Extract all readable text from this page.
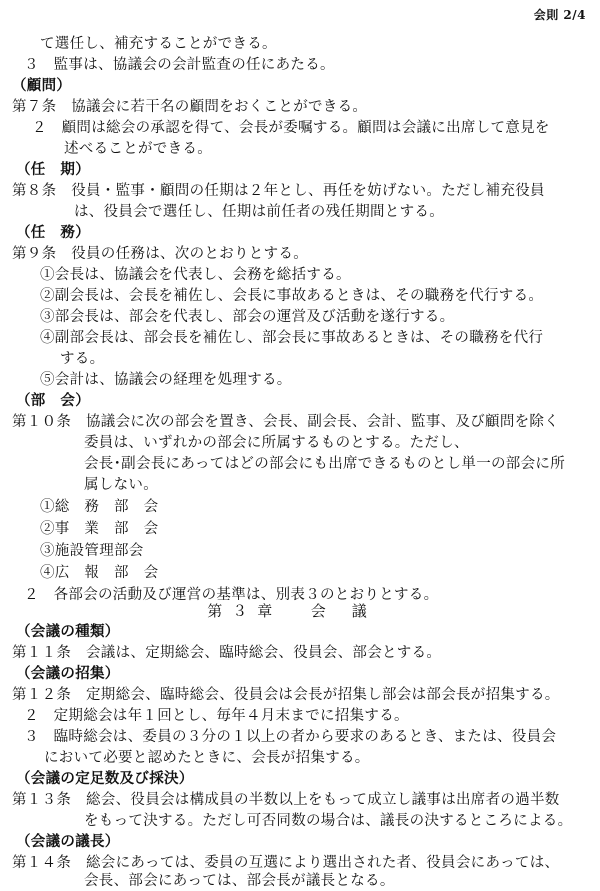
会則 2/4
て選任し、補充することができる。
３　監事は、協議会の会計監査の任にあたる。
（顧問）
第７条　協議会に若干名の顧問をおくことができる。
２　顧問は総会の承認を得て、会長が委嘱する。顧問は会議に出席して意見を
述べることができる。
（任　期）
第８条　役員・監事・顧問の任期は２年とし、再任を妨げない。ただし補充役員
は、役員会で選任し、任期は前任者の残任期間とする。
（任　務）
第９条　役員の任務は、次のとおりとする。
①会長は、協議会を代表し、会務を総括する。
②副会長は、会長を補佐し、会長に事故あるときは、その職務を代行する。
③部会長は、部会を代表し、部会の運営及び活動を遂行する。
④副部会長は、部会長を補佐し、部会長に事故あるときは、その職務を代行
する。
⑤会計は、協議会の経理を処理する。
（部　会）
第１０条　協議会に次の部会を置き、会長、副会長、会計、監事、及び顧問を除く
委員は、いずれかの部会に所属するものとする。ただし、
会長･副会長にあってはどの部会にも出席できるものとし単一の部会に所
属しない。
①総　務　部　会
②事　業　部　会
③施設管理部会
④広　報　部　会
２　各部会の活動及び運営の基準は、別表３のとおりとする。
第３章 会議
（会議の種類）
第１１条　会議は、定期総会、臨時総会、役員会、部会とする。
（会議の招集）
第１２条　定期総会、臨時総会、役員会は会長が招集し部会は部会長が招集する。
２　定期総会は年１回とし、毎年４月末までに招集する。
３　臨時総会は、委員の３分の１以上の者から要求のあるとき、または、役員会
において必要と認めたときに、会長が招集する。
（会議の定足数及び採決）
第１３条　総会、役員会は構成員の半数以上をもって成立し議事は出席者の過半数
をもって決する。ただし可否同数の場合は、議長の決するところによる。
（会議の議長）
第１４条　総会にあっては、委員の互選により選出された者、役員会にあっては、
会長、部会にあっては、部会長が議長となる。
